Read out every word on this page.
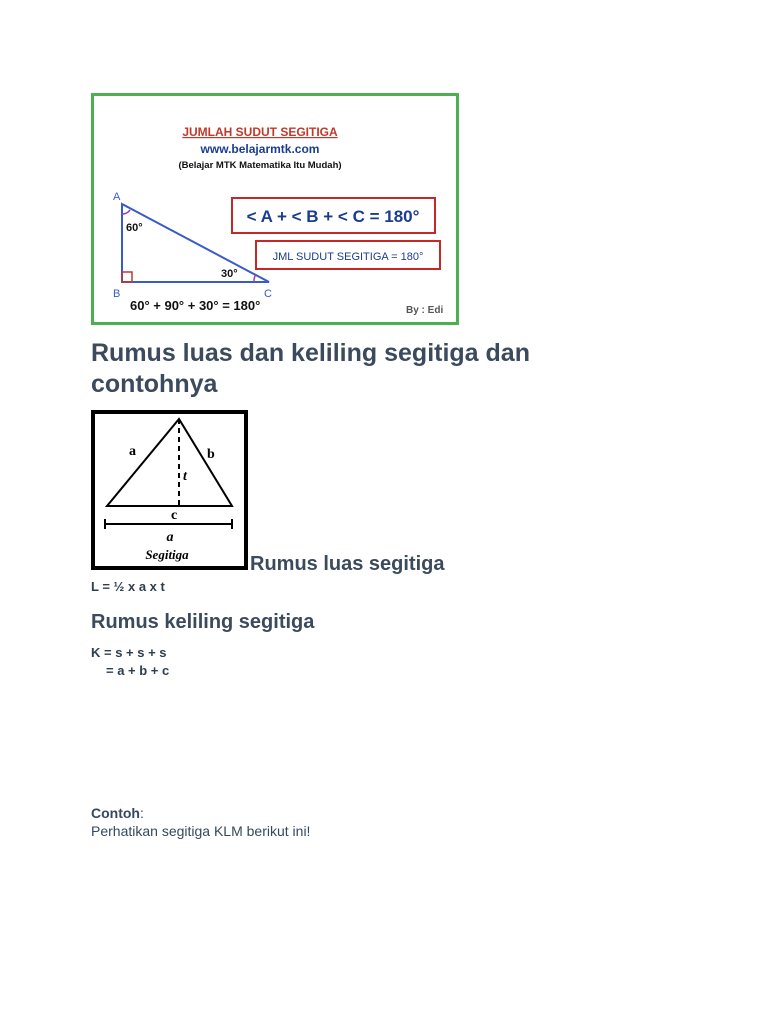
JUMLAH SUDUT SEGITIGA
www.belajarmtk.com
(Belajar MTK Matematika Itu Mudah)
A
B	C
60°
30°
< A + < B + < C = 180°
JML SUDUT SEGITIGA = 180°
60° + 90° + 30° = 180°	By : Edi
Rumus luas dan keliling segitiga dan contohnya
a	b
t
c
a
Segitiga	Rumus luas segitiga
L = ½ x a x t
Rumus keliling segitiga
K = s + s + s
= a + b + c
Contoh:
Perhatikan segitiga KLM berikut ini!
